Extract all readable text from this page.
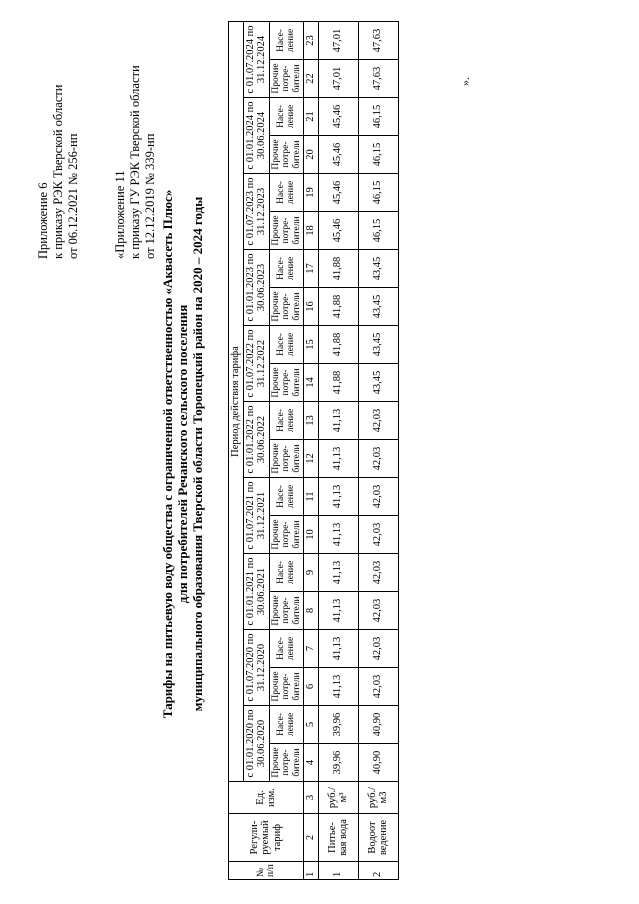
Приложение 6 к приказу РЭК Тверской области от 06.12.2021 № 256-нп	«Приложение 11 к приказу ГУ РЭК Тверской области от 12.12.2019 № 339-нп Тарифы на питьевую воду обществa с ограниченной ответственностью «Аквасеть Плюс» для потребителей Речанского сельского поселения муниципального образования Тверской области Торопецкий район на 2020 – 2024 годы
№ п/п	Регули-руемый тариф	Ед. изм.	Период действия тарифа																			
			с 01.01.2020 по 30.06.2020		с 01.07.2020 по 31.12.2020		с 01.01.2021 по 30.06.2021		с 01.07.2021 по 31.12.2021		с 01.01.2022 по 30.06.2022		с 01.07.2022 по 31.12.2022		с 01.01.2023 по 30.06.2023		с 01.07.2023 по 31.12.2023		с 01.01.2024 по 30.06.2024		с 01.07.2024 по 31.12.2024	
			Прочие потре-бители	Насе-ление	Прочие потре-бители	Насе-ление	Прочие потре-бители	Насе-ление	Прочие потре-бители	Насе-ление	Прочие потре-бители	Насе-ление	Прочие потре-бители	Насе-ление	Прочие потре-бители	Насе-ление	Прочие потре-бители	Насе-ление	Прочие потре-бители	Насе-ление	Прочие потре-бители	Насе-ление
1	2	3	4	5	6	7	8	9	10	11	12	13	14	15	16	17	18	19	20	21	22	23
1	Питье-вая вода	руб./м³	39,96	39,96	41,13	41,13	41,13	41,13	41,13	41,13	41,13	41,13	41,88	41,88	41,88	41,88	45,46	45,46	45,46	45,46	47,01	47,01
2	Водоот ведение	руб./м3	40,90	40,90	42,03	42,03	42,03	42,03	42,03	42,03	42,03	42,03	43,45	43,45	43,45	43,45	46,15	46,15	46,15	46,15	47,63	47,63
».
